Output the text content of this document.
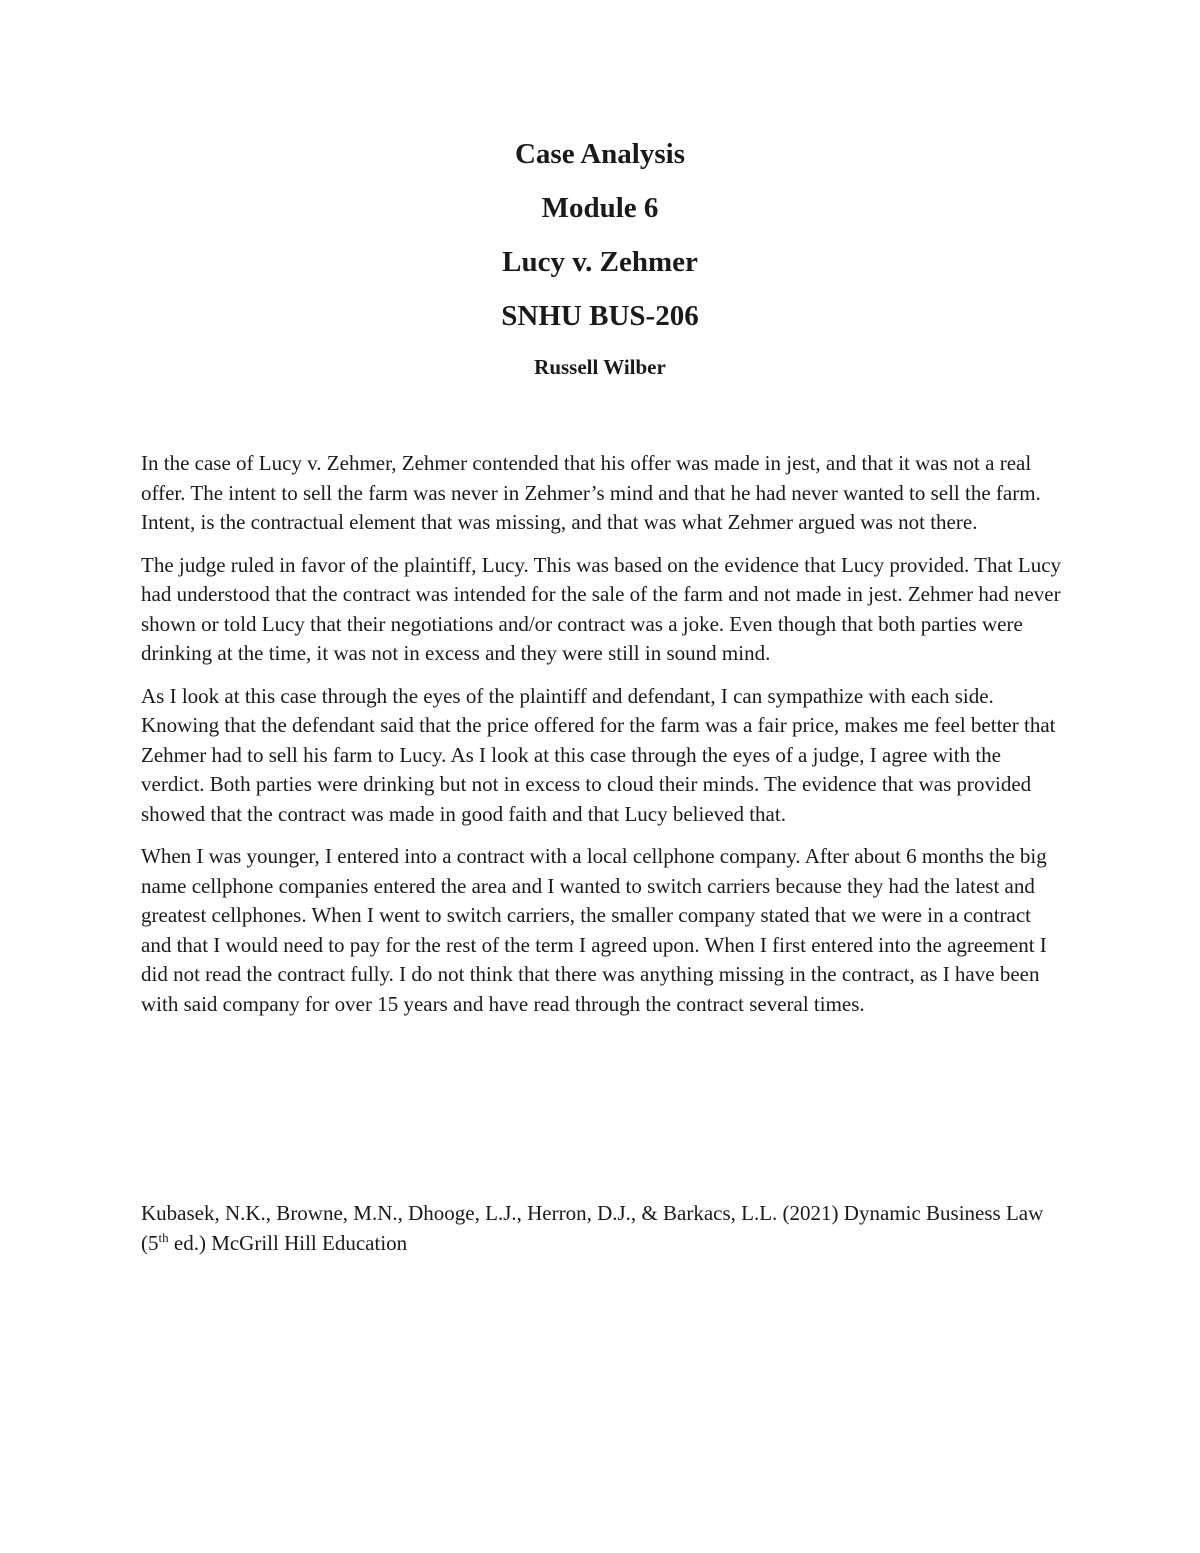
Case Analysis
Module 6
Lucy v. Zehmer
SNHU BUS-206
Russell Wilber

In the case of Lucy v. Zehmer, Zehmer contended that his offer was made in jest, and that it was not a real offer. The intent to sell the farm was never in Zehmer’s mind and that he had never wanted to sell the farm. Intent, is the contractual element that was missing, and that was what Zehmer argued was not there.

The judge ruled in favor of the plaintiff, Lucy. This was based on the evidence that Lucy provided. That Lucy had understood that the contract was intended for the sale of the farm and not made in jest. Zehmer had never shown or told Lucy that their negotiations and/or contract was a joke. Even though that both parties were drinking at the time, it was not in excess and they were still in sound mind.

As I look at this case through the eyes of the plaintiff and defendant, I can sympathize with each side. Knowing that the defendant said that the price offered for the farm was a fair price, makes me feel better that Zehmer had to sell his farm to Lucy. As I look at this case through the eyes of a judge, I agree with the verdict. Both parties were drinking but not in excess to cloud their minds. The evidence that was provided showed that the contract was made in good faith and that Lucy believed that.

When I was younger, I entered into a contract with a local cellphone company. After about 6 months the big name cellphone companies entered the area and I wanted to switch carriers because they had the latest and greatest cellphones. When I went to switch carriers, the smaller company stated that we were in a contract and that I would need to pay for the rest of the term I agreed upon. When I first entered into the agreement I did not read the contract fully. I do not think that there was anything missing in the contract, as I have been with said company for over 15 years and have read through the contract several times.

Kubasek, N.K., Browne, M.N., Dhooge, L.J., Herron, D.J., & Barkacs, L.L. (2021) Dynamic Business Law (5th ed.) McGrill Hill Education
